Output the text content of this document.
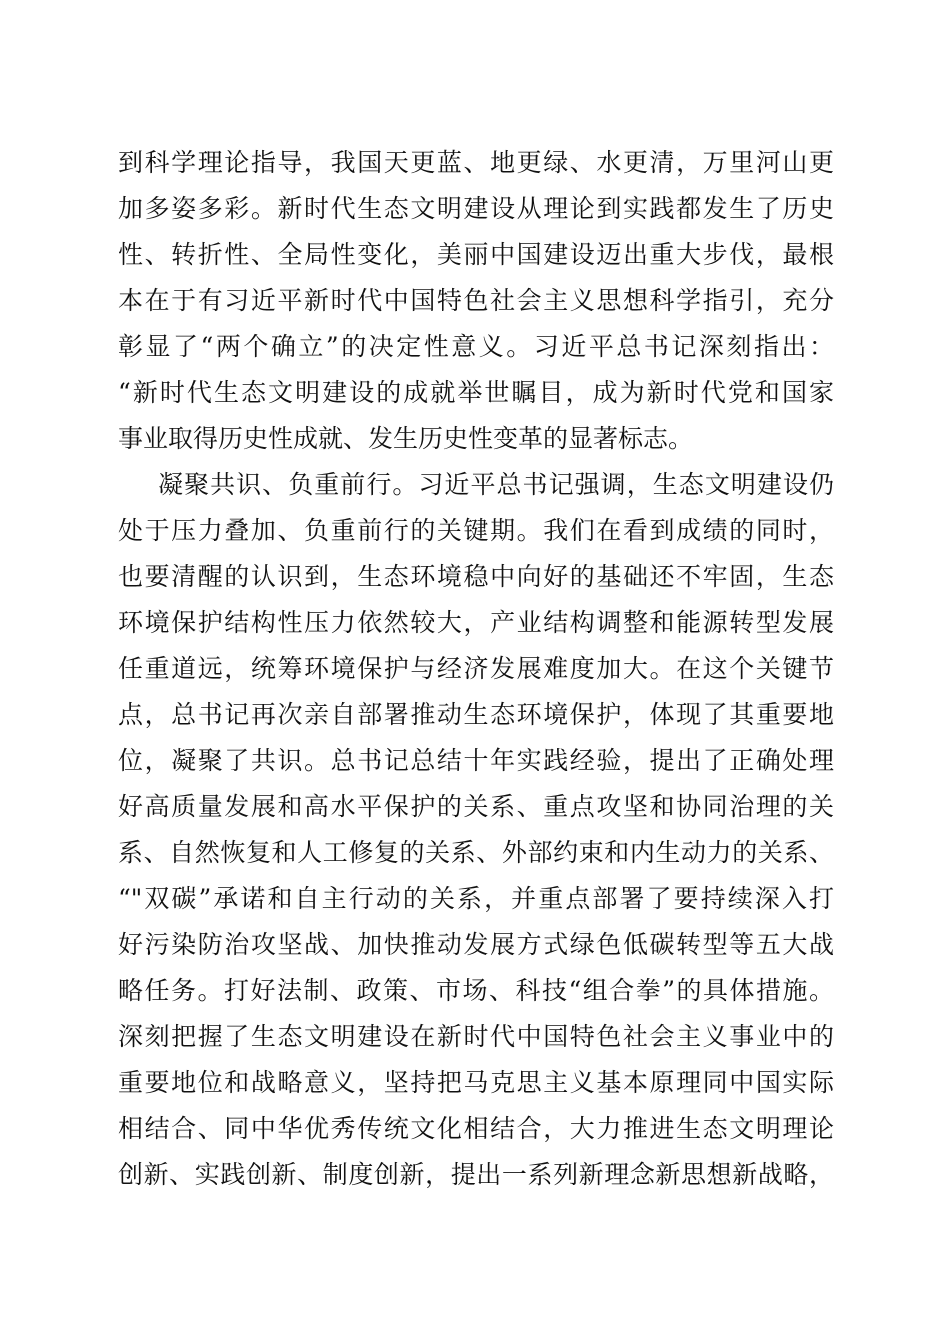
到科学理论指导，我国天更蓝、地更绿、水更清，万里河山更
加多姿多彩。新时代生态文明建设从理论到实践都发生了历史
性、转折性、全局性变化，美丽中国建设迈出重大步伐，最根
本在于有习近平新时代中国特色社会主义思想科学指引，充分
彰显了“两个确立”的决定性意义。习近平总书记深刻指出：
“新时代生态文明建设的成就举世瞩目，成为新时代党和国家
事业取得历史性成就、发生历史性变革的显著标志。
凝聚共识、负重前行。习近平总书记强调，生态文明建设仍
处于压力叠加、负重前行的关键期。我们在看到成绩的同时，
也要清醒的认识到，生态环境稳中向好的基础还不牢固，生态
环境保护结构性压力依然较大，产业结构调整和能源转型发展
任重道远，统筹环境保护与经济发展难度加大。在这个关键节
点，总书记再次亲自部署推动生态环境保护，体现了其重要地
位，凝聚了共识。总书记总结十年实践经验，提出了正确处理
好高质量发展和高水平保护的关系、重点攻坚和协同治理的关
系、自然恢复和人工修复的关系、外部约束和内生动力的关系、
“"双碳”承诺和自主行动的关系，并重点部署了要持续深入打
好污染防治攻坚战、加快推动发展方式绿色低碳转型等五大战
略任务。打好法制、政策、市场、科技“组合拳”的具体措施。
深刻把握了生态文明建设在新时代中国特色社会主义事业中的
重要地位和战略意义，坚持把马克思主义基本原理同中国实际
相结合、同中华优秀传统文化相结合，大力推进生态文明理论
创新、实践创新、制度创新，提出一系列新理念新思想新战略，
